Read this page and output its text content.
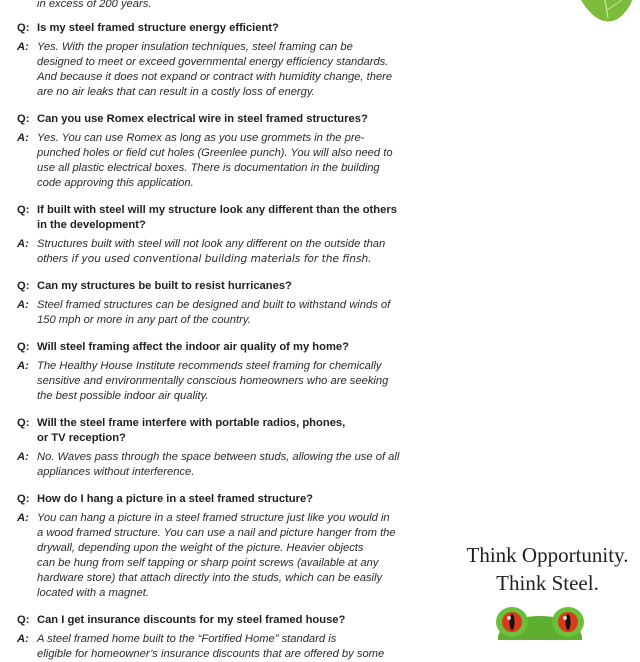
in excess of 200 years.
Q: Is my steel framed structure energy efficient?
A: Yes. With the proper insulation techniques, steel framing can be
designed to meet or exceed governmental energy efficiency standards.
And because it does not expand or contract with humidity change, there
are no air leaks that can result in a costly loss of energy.
Q: Can you use Romex electrical wire in steel framed structures?
A: Yes. You can use Romex as long as you use grommets in the pre-
punched holes or field cut holes (Greenlee punch). You will also need to
use all plastic electrical boxes. There is documentation in the building
code approving this application.
Q: If built with steel will my structure look any different than the others
in the development?
A: Structures built with steel will not look any different on the outside than
others if you used conventional building materials for the finsh.
Q: Can my structures be built to resist hurricanes?
A: Steel framed structures can be designed and built to withstand winds of
150 mph or more in any part of the country.
Q: Will steel framing affect the indoor air quality of my home?
A: The Healthy House Institute recommends steel framing for chemically
sensitive and environmentally conscious homeowners who are seeking
the best possible indoor air quality.
Q: Will the steel frame interfere with portable radios, phones,
or TV reception?
A: No. Waves pass through the space between studs, allowing the use of all
appliances without interference.
Q: How do I hang a picture in a steel framed structure?
A: You can hang a picture in a steel framed structure just like you would in
a wood framed structure. You can use a nail and picture hanger from the
drywall, depending upon the weight of the picture. Heavier objects
can be hung from self tapping or sharp point screws (available at any
hardware store) that attach directly into the studs, which can be easily
located with a magnet.
Q: Can I get insurance discounts for my steel framed house?
A: A steel framed home built to the “Fortified Home” standard is
eligible for homeowner’s insurance discounts that are offered by some
Think Opportunity.
Think Steel.
